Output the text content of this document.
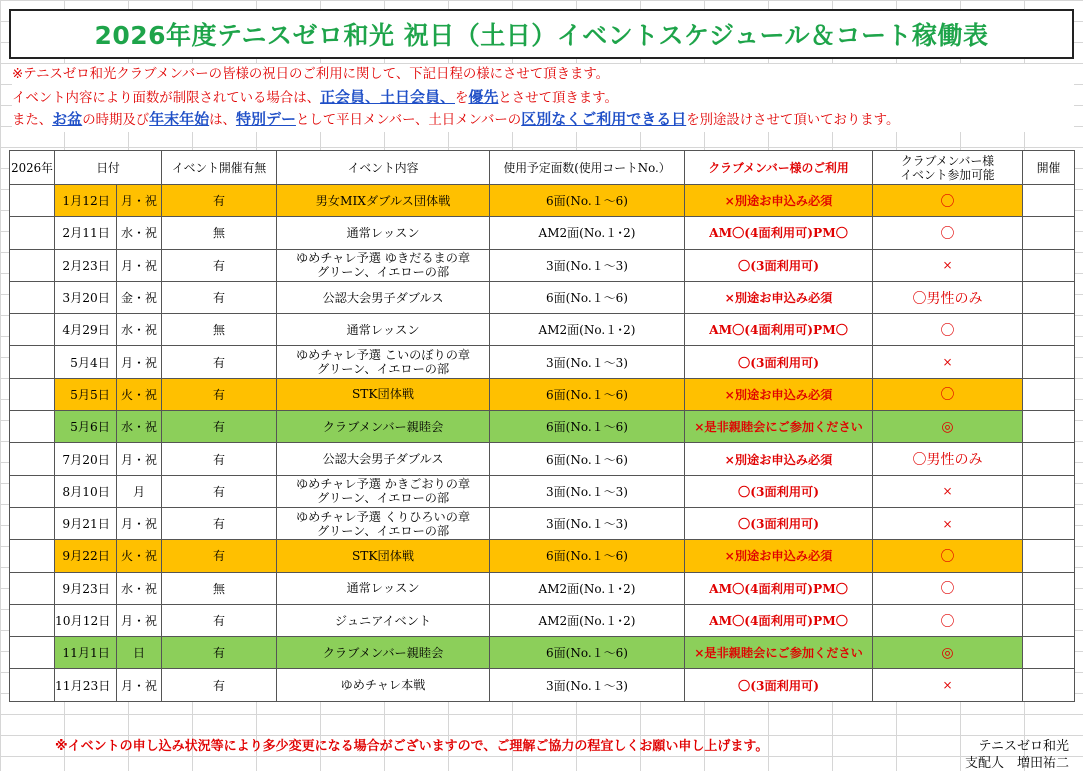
2026年度テニスゼロ和光 祝日（土日）イベントスケジュール＆コート稼働表
※テニスゼロ和光クラブメンバーの皆様の祝日のご利用に関して、下記日程の様にさせて頂きます。
イベント内容により面数が制限されている場合は、正会員、土日会員、を優先とさせて頂きます。
また、お盆の時期及び年末年始は、特別デーとして平日メンバー、土日メンバーの区別なくご利用できる日を別途設けさせて頂いております。
2026年	日付		イベント開催有無	イベント内容	使用予定面数(使用コートNo.）	クラブメンバー様のご利用	クラブメンバー様
イベント参加可能	開催
	1月12日	月・祝	有	男女MIXダブルス団体戦	6面(No.１～6)	×別途お申込み必須	〇	
	2月11日	水・祝	無	通常レッスン	AM2面(No.１･2)	AM〇(4面利用可)PM〇	〇	
	2月23日	月・祝	有	ゆめチャレ予選 ゆきだるまの章
グリーン、イエローの部	3面(No.１～3)	〇(3面利用可)	×	
	3月20日	金・祝	有	公認大会男子ダブルス	6面(No.１～6)	×別途お申込み必須	〇男性のみ	
	4月29日	水・祝	無	通常レッスン	AM2面(No.１･2)	AM〇(4面利用可)PM〇	〇	
	5月4日	月・祝	有	ゆめチャレ予選 こいのぼりの章
グリーン、イエローの部	3面(No.１～3)	〇(3面利用可)	×	
	5月5日	火・祝	有	STK団体戦	6面(No.１～6)	×別途お申込み必須	〇	
	5月6日	水・祝	有	クラブメンバー親睦会	6面(No.１～6)	×是非親睦会にご参加ください	◎	
	7月20日	月・祝	有	公認大会男子ダブルス	6面(No.１～6)	×別途お申込み必須	〇男性のみ	
	8月10日	月	有	ゆめチャレ予選 かきごおりの章
グリーン、イエローの部	3面(No.１～3)	〇(3面利用可)	×	
	9月21日	月・祝	有	ゆめチャレ予選 くりひろいの章
グリーン、イエローの部	3面(No.１～3)	〇(3面利用可)	×	
	9月22日	火・祝	有	STK団体戦	6面(No.１～6)	×別途お申込み必須	〇	
	9月23日	水・祝	無	通常レッスン	AM2面(No.１･2)	AM〇(4面利用可)PM〇	〇	
	10月12日	月・祝	有	ジュニアイベント	AM2面(No.１･2)	AM〇(4面利用可)PM〇	〇	
	11月1日	日	有	クラブメンバー親睦会	6面(No.１～6)	×是非親睦会にご参加ください	◎	
	11月23日	月・祝	有	ゆめチャレ本戦	3面(No.１～3)	〇(3面利用可)	×	
※イベントの申し込み状況等により多少変更になる場合がございますので、ご理解ご協力の程宜しくお願い申し上げます。	テニスゼロ和光
支配人　増田祐二
